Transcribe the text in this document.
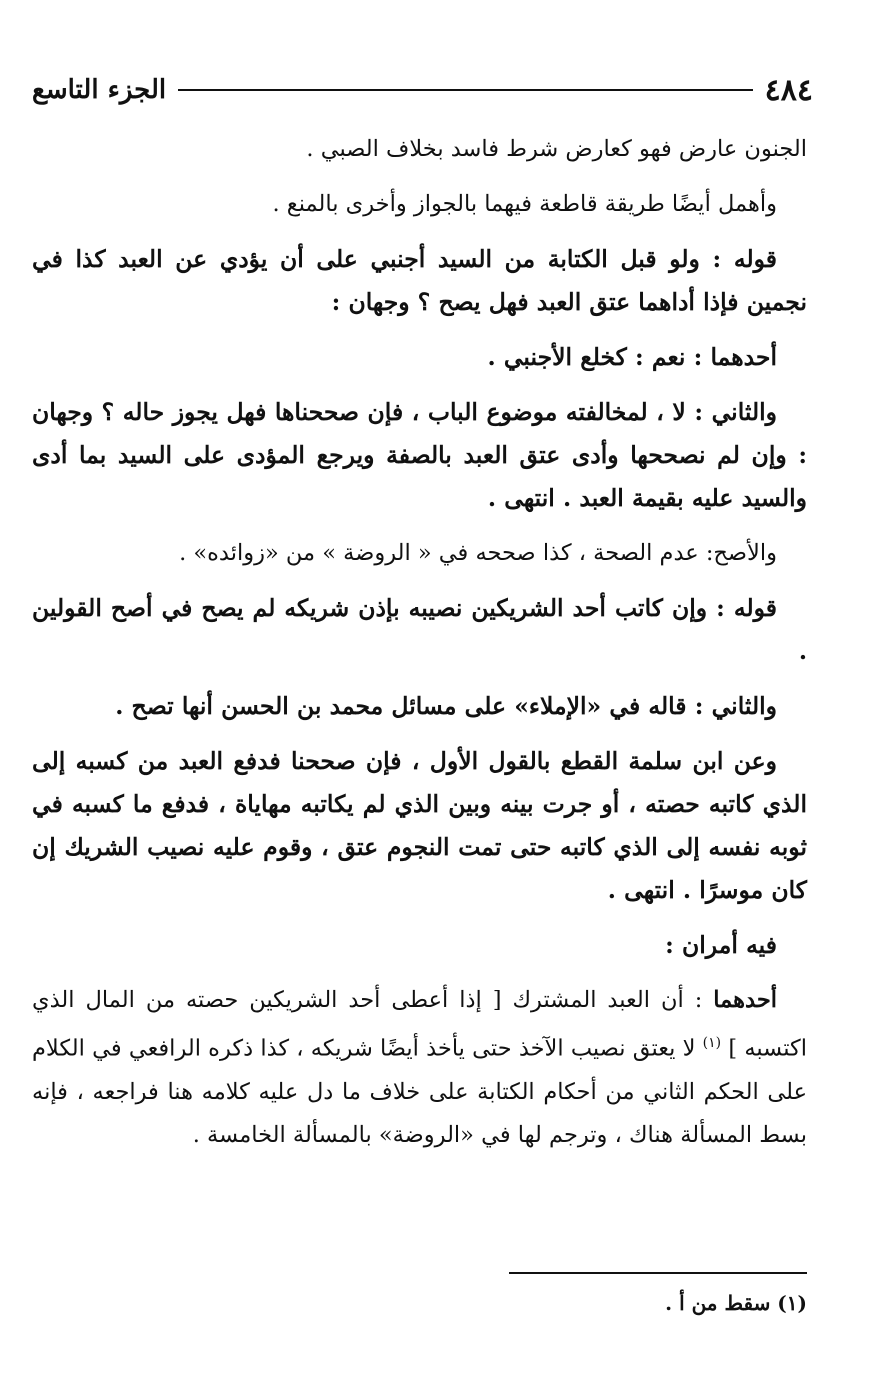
٤٨٤
الجزء التاسع

الجنون عارض فهو كعارض شرط فاسد بخلاف الصبي .

وأهمل أيضًا طريقة قاطعة فيهما بالجواز وأخرى بالمنع .

قوله : ولو قبل الكتابة من السيد أجنبي على أن يؤدي عن العبد كذا في نجمين فإذا أداهما عتق العبد فهل يصح ؟ وجهان :

أحدهما : نعم : كخلع الأجنبي .

والثاني : لا ، لمخالفته موضوع الباب ، فإن صححناها فهل يجوز حاله ؟ وجهان : وإن لم نصححها وأدى عتق العبد بالصفة ويرجع المؤدى على السيد بما أدى والسيد عليه بقيمة العبد . انتهى .

والأصح: عدم الصحة ، كذا صححه في « الروضة » من «زوائده» .

قوله : وإن كاتب أحد الشريكين نصيبه بإذن شريكه لم يصح في أصح القولين .

والثاني : قاله في «الإملاء» على مسائل محمد بن الحسن أنها تصح .

وعن ابن سلمة القطع بالقول الأول ، فإن صححنا فدفع العبد من كسبه إلى الذي كاتبه حصته ، أو جرت بينه وبين الذي لم يكاتبه مهاياة ، فدفع ما كسبه في ثوبه نفسه إلى الذي كاتبه حتى تمت النجوم عتق ، وقوم عليه نصيب الشريك إن كان موسرًا . انتهى .

فيه أمران :

أحدهما : أن العبد المشترك [ إذا أعطى أحد الشريكين حصته من المال الذي اكتسبه ] $^{(١)}$ لا يعتق نصيب الآخذ حتى يأخذ أيضًا شريكه ، كذا ذكره الرافعي في الكلام على الحكم الثاني من أحكام الكتابة على خلاف ما دل عليه كلامه هنا فراجعه ، فإنه بسط المسألة هناك ، وترجم لها في «الروضة» بالمسألة الخامسة .

(١) سقط من أ .
